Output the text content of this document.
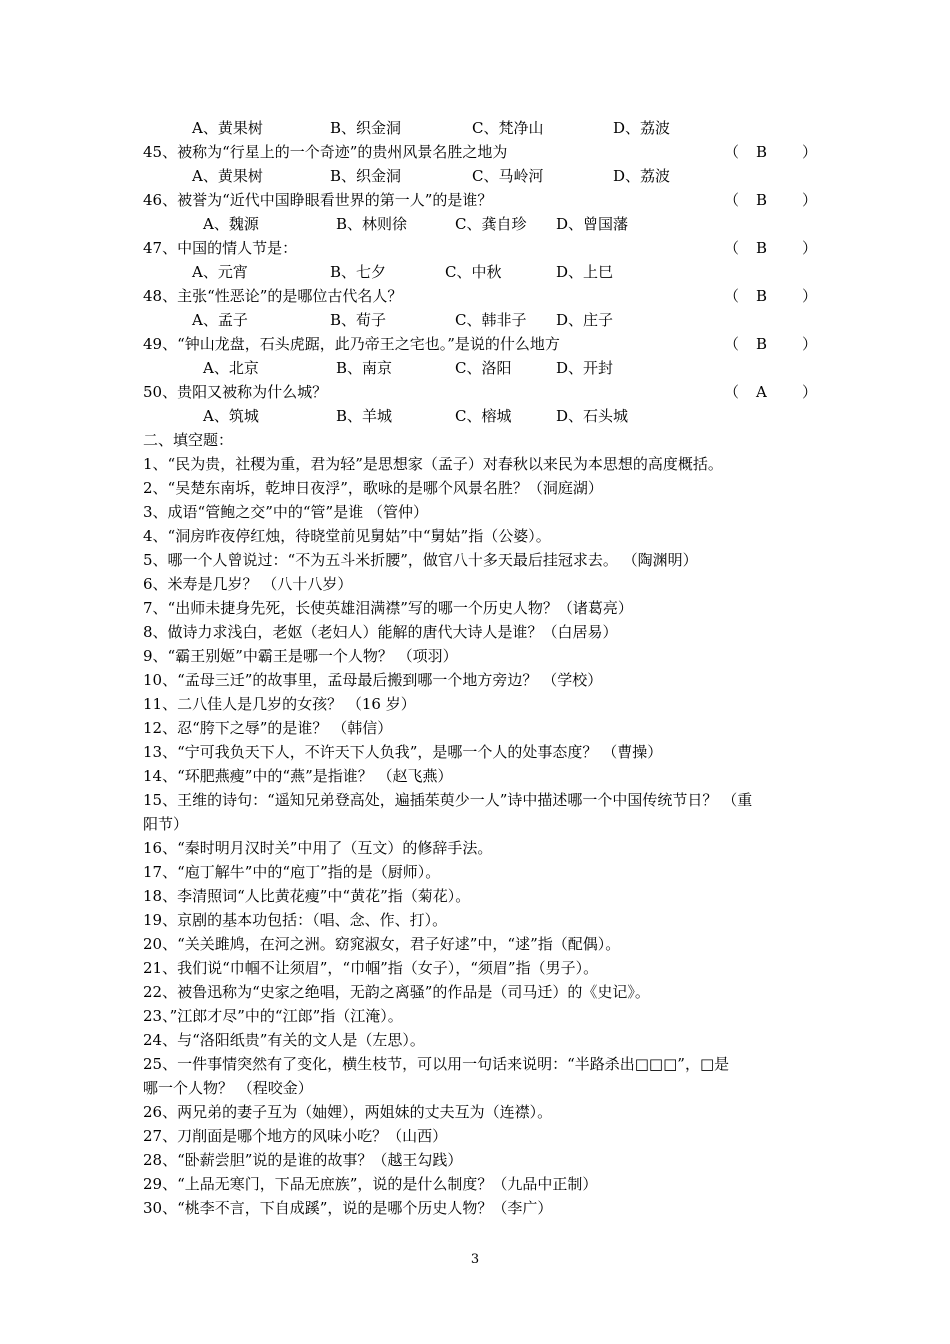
A、黄果树	B、织金洞	C、梵净山	D、荔波
45、被称为“行星上的一个奇迹”的贵州风景名胜之地为	（ B ）
A、黄果树	B、织金洞	C、马岭河	D、荔波
46、被誉为“近代中国睁眼看世界的第一人”的是谁？	（ B ）
A、魏源	B、林则徐	C、龚自珍 D、曾国藩
47、中国的情人节是：	（ B ）
A、元宵	B、七夕	C、中秋	D、上巳
48、主张“性恶论”的是哪位古代名人？	（ B ）
A、孟子	B、荀子	C、韩非子 D、庄子
49、“钟山龙盘，石头虎踞，此乃帝王之宅也。”是说的什么地方	（ B ）
A、北京	B、南京	C、洛阳	D、开封
50、贵阳又被称为什么城？	（ A ）
A、筑城	B、羊城	C、榕城	D、石头城
二、填空题：
1、“民为贵，社稷为重，君为轻”是思想家（孟子）对春秋以来民为本思想的高度概括。
2、“吴楚东南坼，乾坤日夜浮”，歌咏的是哪个风景名胜？（洞庭湖）
3、成语“管鲍之交”中的“管”是谁 （管仲）
4、“洞房昨夜停红烛，待晓堂前见舅姑”中“舅姑”指（公婆）。
5、哪一个人曾说过：“不为五斗米折腰”，做官八十多天最后挂冠求去。 （陶渊明）
6、米寿是几岁？ （八十八岁）
7、“出师未捷身先死，长使英雄泪满襟”写的哪一个历史人物？（诸葛亮）
8、做诗力求浅白，老妪（老妇人）能解的唐代大诗人是谁？（白居易）
9、“霸王别姬”中霸王是哪一个人物？ （项羽）
10、“孟母三迁”的故事里，孟母最后搬到哪一个地方旁边？ （学校）
11、二八佳人是几岁的女孩？ （16 岁）
12、忍“胯下之辱”的是谁？ （韩信）
13、“宁可我负天下人，不许天下人负我”，是哪一个人的处事态度？ （曹操）
14、“环肥燕瘦”中的“燕”是指谁？ （赵飞燕）
15、王维的诗句：“遥知兄弟登高处，遍插茱萸少一人”诗中描述哪一个中国传统节日？ （重
阳节）
16、“秦时明月汉时关”中用了（互文）的修辞手法。
17、“庖丁解牛”中的“庖丁”指的是（厨师）。
18、李清照词“人比黄花瘦”中“黄花”指（菊花）。
19、京剧的基本功包括：（唱、念、作、打）。
20、“关关雎鸠，在河之洲。窈窕淑女，君子好逑”中，“逑”指（配偶）。
21、我们说“巾帼不让须眉”，“巾帼”指（女子），“须眉”指（男子）。
22、被鲁迅称为“史家之绝唱，无韵之离骚”的作品是（司马迁）的《史记》。
23、”江郎才尽”中的“江郎”指（江淹）。
24、与“洛阳纸贵”有关的文人是（左思）。
25、一件事情突然有了变化，横生枝节，可以用一句话来说明：“半路杀出□□□”，□是
哪一个人物？ （程咬金）
26、两兄弟的妻子互为（妯娌），两姐妹的丈夫互为（连襟）。
27、刀削面是哪个地方的风味小吃？（山西）
28、“卧薪尝胆”说的是谁的故事？（越王勾践）
29、“上品无寒门，下品无庶族”，说的是什么制度？（九品中正制）
30、“桃李不言，下自成蹊”，说的是哪个历史人物？（李广）
3
